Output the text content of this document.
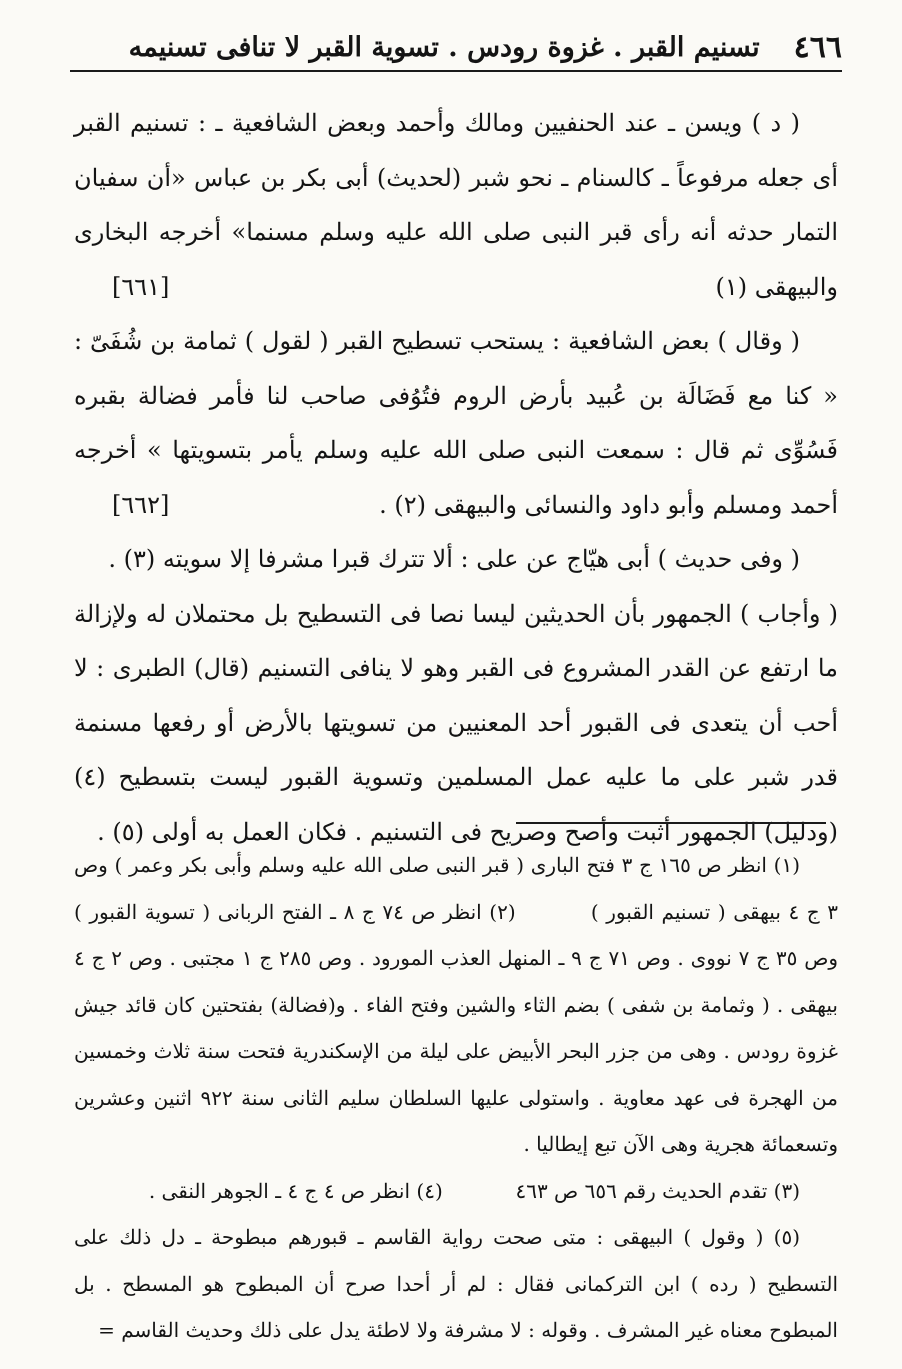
٤٦٦
تسنيم القبر . غزوة رودس . تسوية القبر لا تنافى تسنيمه

( د ) ويسن ـ عند الحنفيين ومالك وأحمد وبعض الشافعية ـ : تسنيم القبر أى جعله مرفوعاً ـ كالسنام ـ نحو شبر (لحديث) أبى بكر بن عباس «أن سفيان التمار حدثه أنه رأى قبر النبى صلى الله عليه وسلم مسنما» أخرجه البخارى والبيهقى (١)
[٦٦١]

( وقال ) بعض الشافعية : يستحب تسطيح القبر ( لقول ) ثمامة بن شُفَىّ : « كنا مع فَضَالَة بن عُبيد بأرض الروم فتُوُفى صاحب لنا فأمر فضالة بقبره فَسُوِّى ثم قال : سمعت النبى صلى الله عليه وسلم يأمر بتسويتها » أخرجه أحمد ومسلم وأبو داود والنسائى والبيهقى (٢) .
[٦٦٢]

( وفى حديث ) أبى هيّاج عن على : ألا تترك قبرا مشرفا إلا سويته (٣) .

( وأجاب ) الجمهور بأن الحديثين ليسا نصا فى التسطيح بل محتملان له ولإزالة ما ارتفع عن القدر المشروع فى القبر وهو لا ينافى التسنيم (قال) الطبرى : لا أحب أن يتعدى فى القبور أحد المعنيين من تسويتها بالأرض أو رفعها مسنمة قدر شبر على ما عليه عمل المسلمين وتسوية القبور ليست بتسطيح (٤) (ودليل) الجمهور أثبت وأصح وصريح فى التسنيم . فكان العمل به أولى (٥) .

(١) انظر ص ١٦٥ ج ٣ فتح البارى ( قبر النبى صلى الله عليه وسلم وأبى بكر وعمر ) وص ٣ ج ٤ بيهقى ( تسنيم القبور )  (٢) انظر ص ٧٤ ج ٨ ـ الفتح الربانى ( تسوية القبور ) وص ٣٥ ج ٧ نووى . وص ٧١ ج ٩ ـ المنهل العذب المورود . وص ٢٨٥ ج ١ مجتبى . وص ٢ ج ٤ بيهقى . ( وثمامة بن شفى ) بضم الثاء والشين وفتح الفاء . و(فضالة) بفتحتين كان قائد جيش غزوة رودس . وهى من جزر البحر الأبيض على ليلة من الإسكندرية فتحت سنة ثلاث وخمسين من الهجرة فى عهد معاوية . واستولى عليها السلطان سليم الثانى سنة ٩٢٢ اثنين وعشرين وتسعمائة هجرية وهى الآن تبع إيطاليا .

(٣) تقدم الحديث رقم ٦٥٦ ص ٤٦٣  (٤) انظر ص ٤ ج ٤ ـ الجوهر النقى .

(٥) ( وقول ) البيهقى : متى صحت رواية القاسم ـ قبورهم مبطوحة ـ دل ذلك على التسطيح ( رده ) ابن التركمانى فقال : لم أر أحدا صرح أن المبطوح هو المسطح . بل المبطوح معناه غير المشرف . وقوله : لا مشرفة ولا لاطئة يدل على ذلك وحديث القاسم =
